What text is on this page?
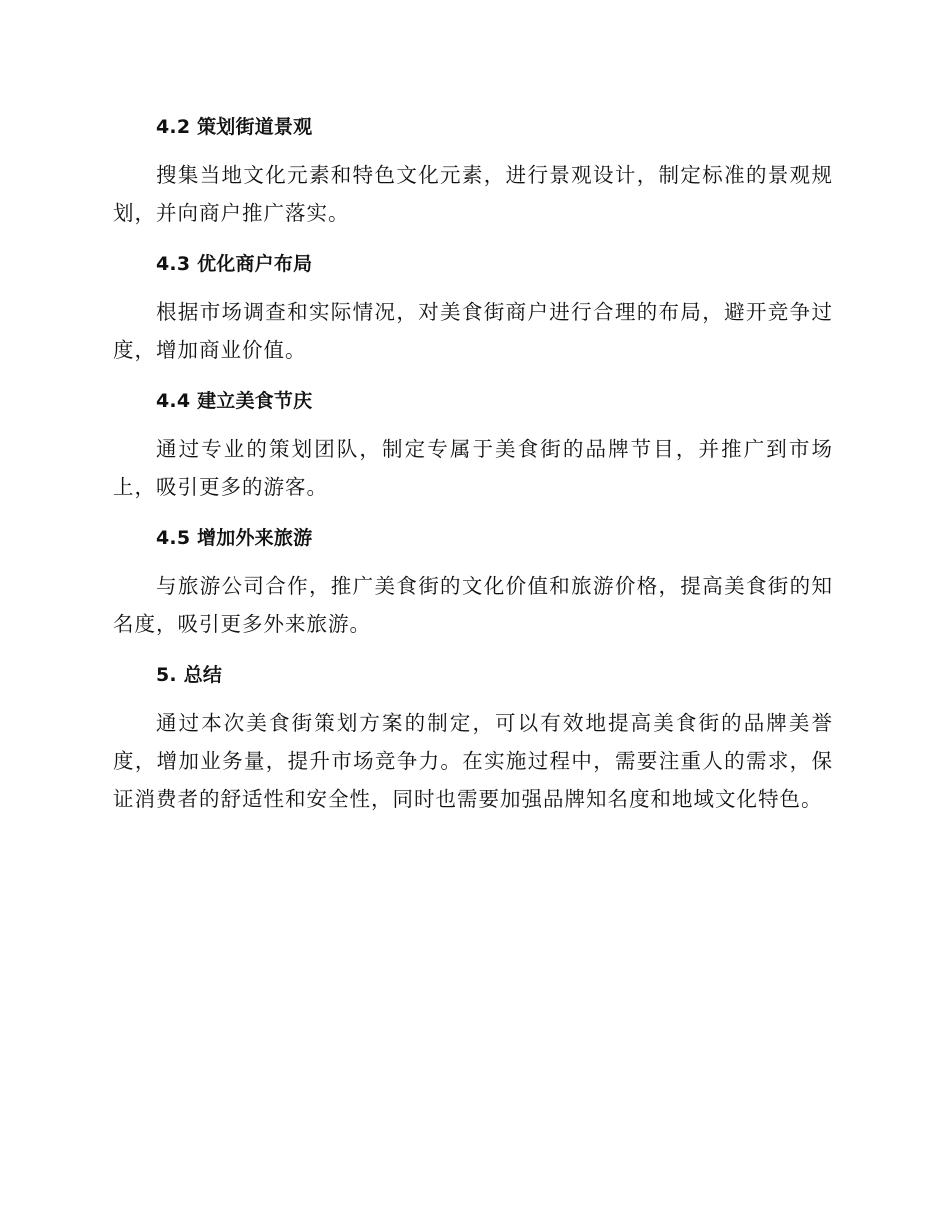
4.2 策划街道景观

搜集当地文化元素和特色文化元素，进行景观设计，制定标准的景观规划，并向商户推广落实。

4.3 优化商户布局

根据市场调查和实际情况，对美食街商户进行合理的布局，避开竞争过度，增加商业价值。

4.4 建立美食节庆

通过专业的策划团队，制定专属于美食街的品牌节目，并推广到市场上，吸引更多的游客。

4.5 增加外来旅游

与旅游公司合作，推广美食街的文化价值和旅游价格，提高美食街的知名度，吸引更多外来旅游。

5. 总结

通过本次美食街策划方案的制定，可以有效地提高美食街的品牌美誉度，增加业务量，提升市场竞争力。在实施过程中，需要注重人的需求，保证消费者的舒适性和安全性，同时也需要加强品牌知名度和地域文化特色。
